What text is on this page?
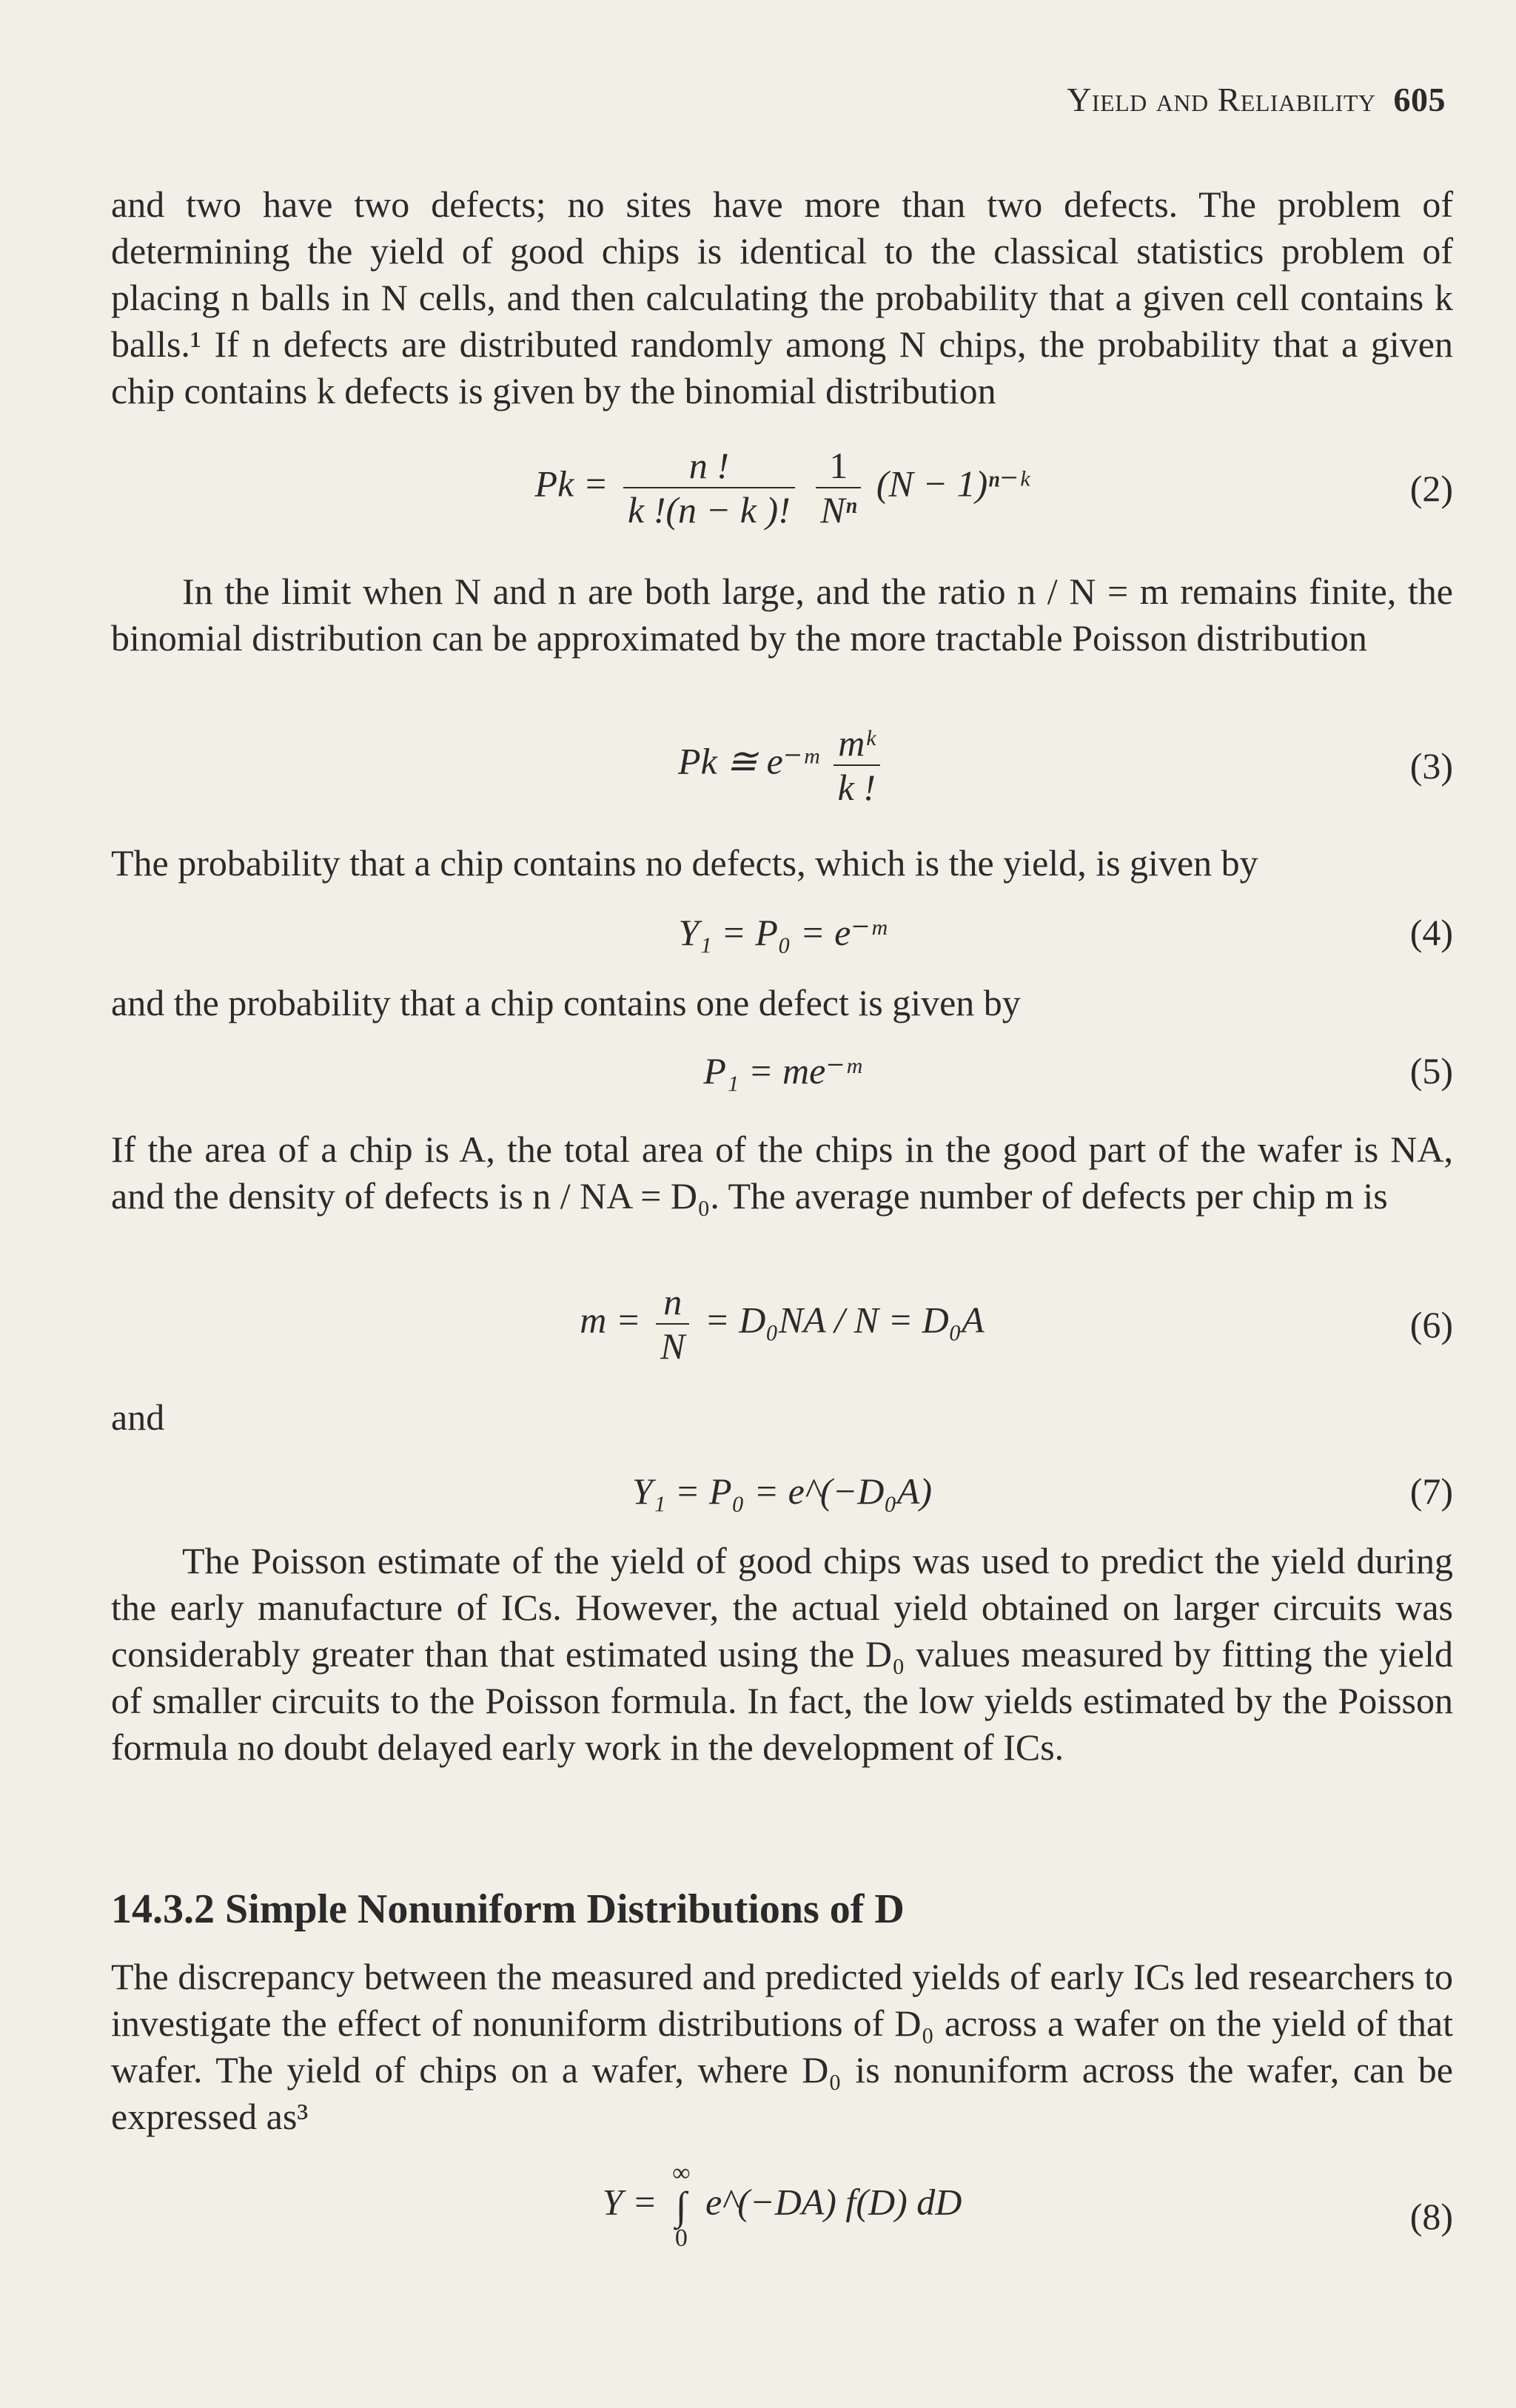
Yield and Reliability 605
and two have two defects; no sites have more than two defects. The problem of determining the yield of good chips is identical to the classical statistics problem of placing n balls in N cells, and then calculating the probability that a given cell contains k balls.¹ If n defects are distributed randomly among N chips, the probability that a given chip contains k defects is given by the binomial distribution
$Pk = \frac{n !}{k !(n - k )!}$
$\frac{1}{\text{Nⁿ}} (N$ − 1)ⁿ⁻ᵏ	(2)
In the limit when N and n are both large, and the ratio n / N = m remains finite, the binomial distribution can be approximated by the more tractable Poisson distribution
Pk ≅ e⁻ᵐ $\frac{\text{mᵏ}}{k !}$	(3)
The probability that a chip contains no defects, which is the yield, is given by
Y₁ = P₀ = e⁻ᵐ	(4)
and the probability that a chip contains one defect is given by
P₁ = me⁻ᵐ	(5)
If the area of a chip is A, the total area of the chips in the good part of the wafer is NA, and the density of defects is n / NA = D₀. The average number of defects per chip m is
$m = \frac{n}{N} = D_0NA / N = D_0A$	(6)
and
Y₁ = P₀ = e^(−D₀A)	(7)
The Poisson estimate of the yield of good chips was used to predict the yield during the early manufacture of ICs. However, the actual yield obtained on larger circuits was considerably greater than that estimated using the D₀ values measured by fitting the yield of smaller circuits to the Poisson formula. In fact, the low yields estimated by the Poisson formula no doubt delayed early work in the development of ICs.
14.3.2 Simple Nonuniform Distributions of D
The discrepancy between the measured and predicted yields of early ICs led researchers to investigate the effect of nonuniform distributions of D₀ across a wafer on the yield of that wafer. The yield of chips on a wafer, where D₀ is nonuniform across the wafer, can be expressed as³
Y =
∞
∫
0
e^(−DA) f(D) dD	(8)
